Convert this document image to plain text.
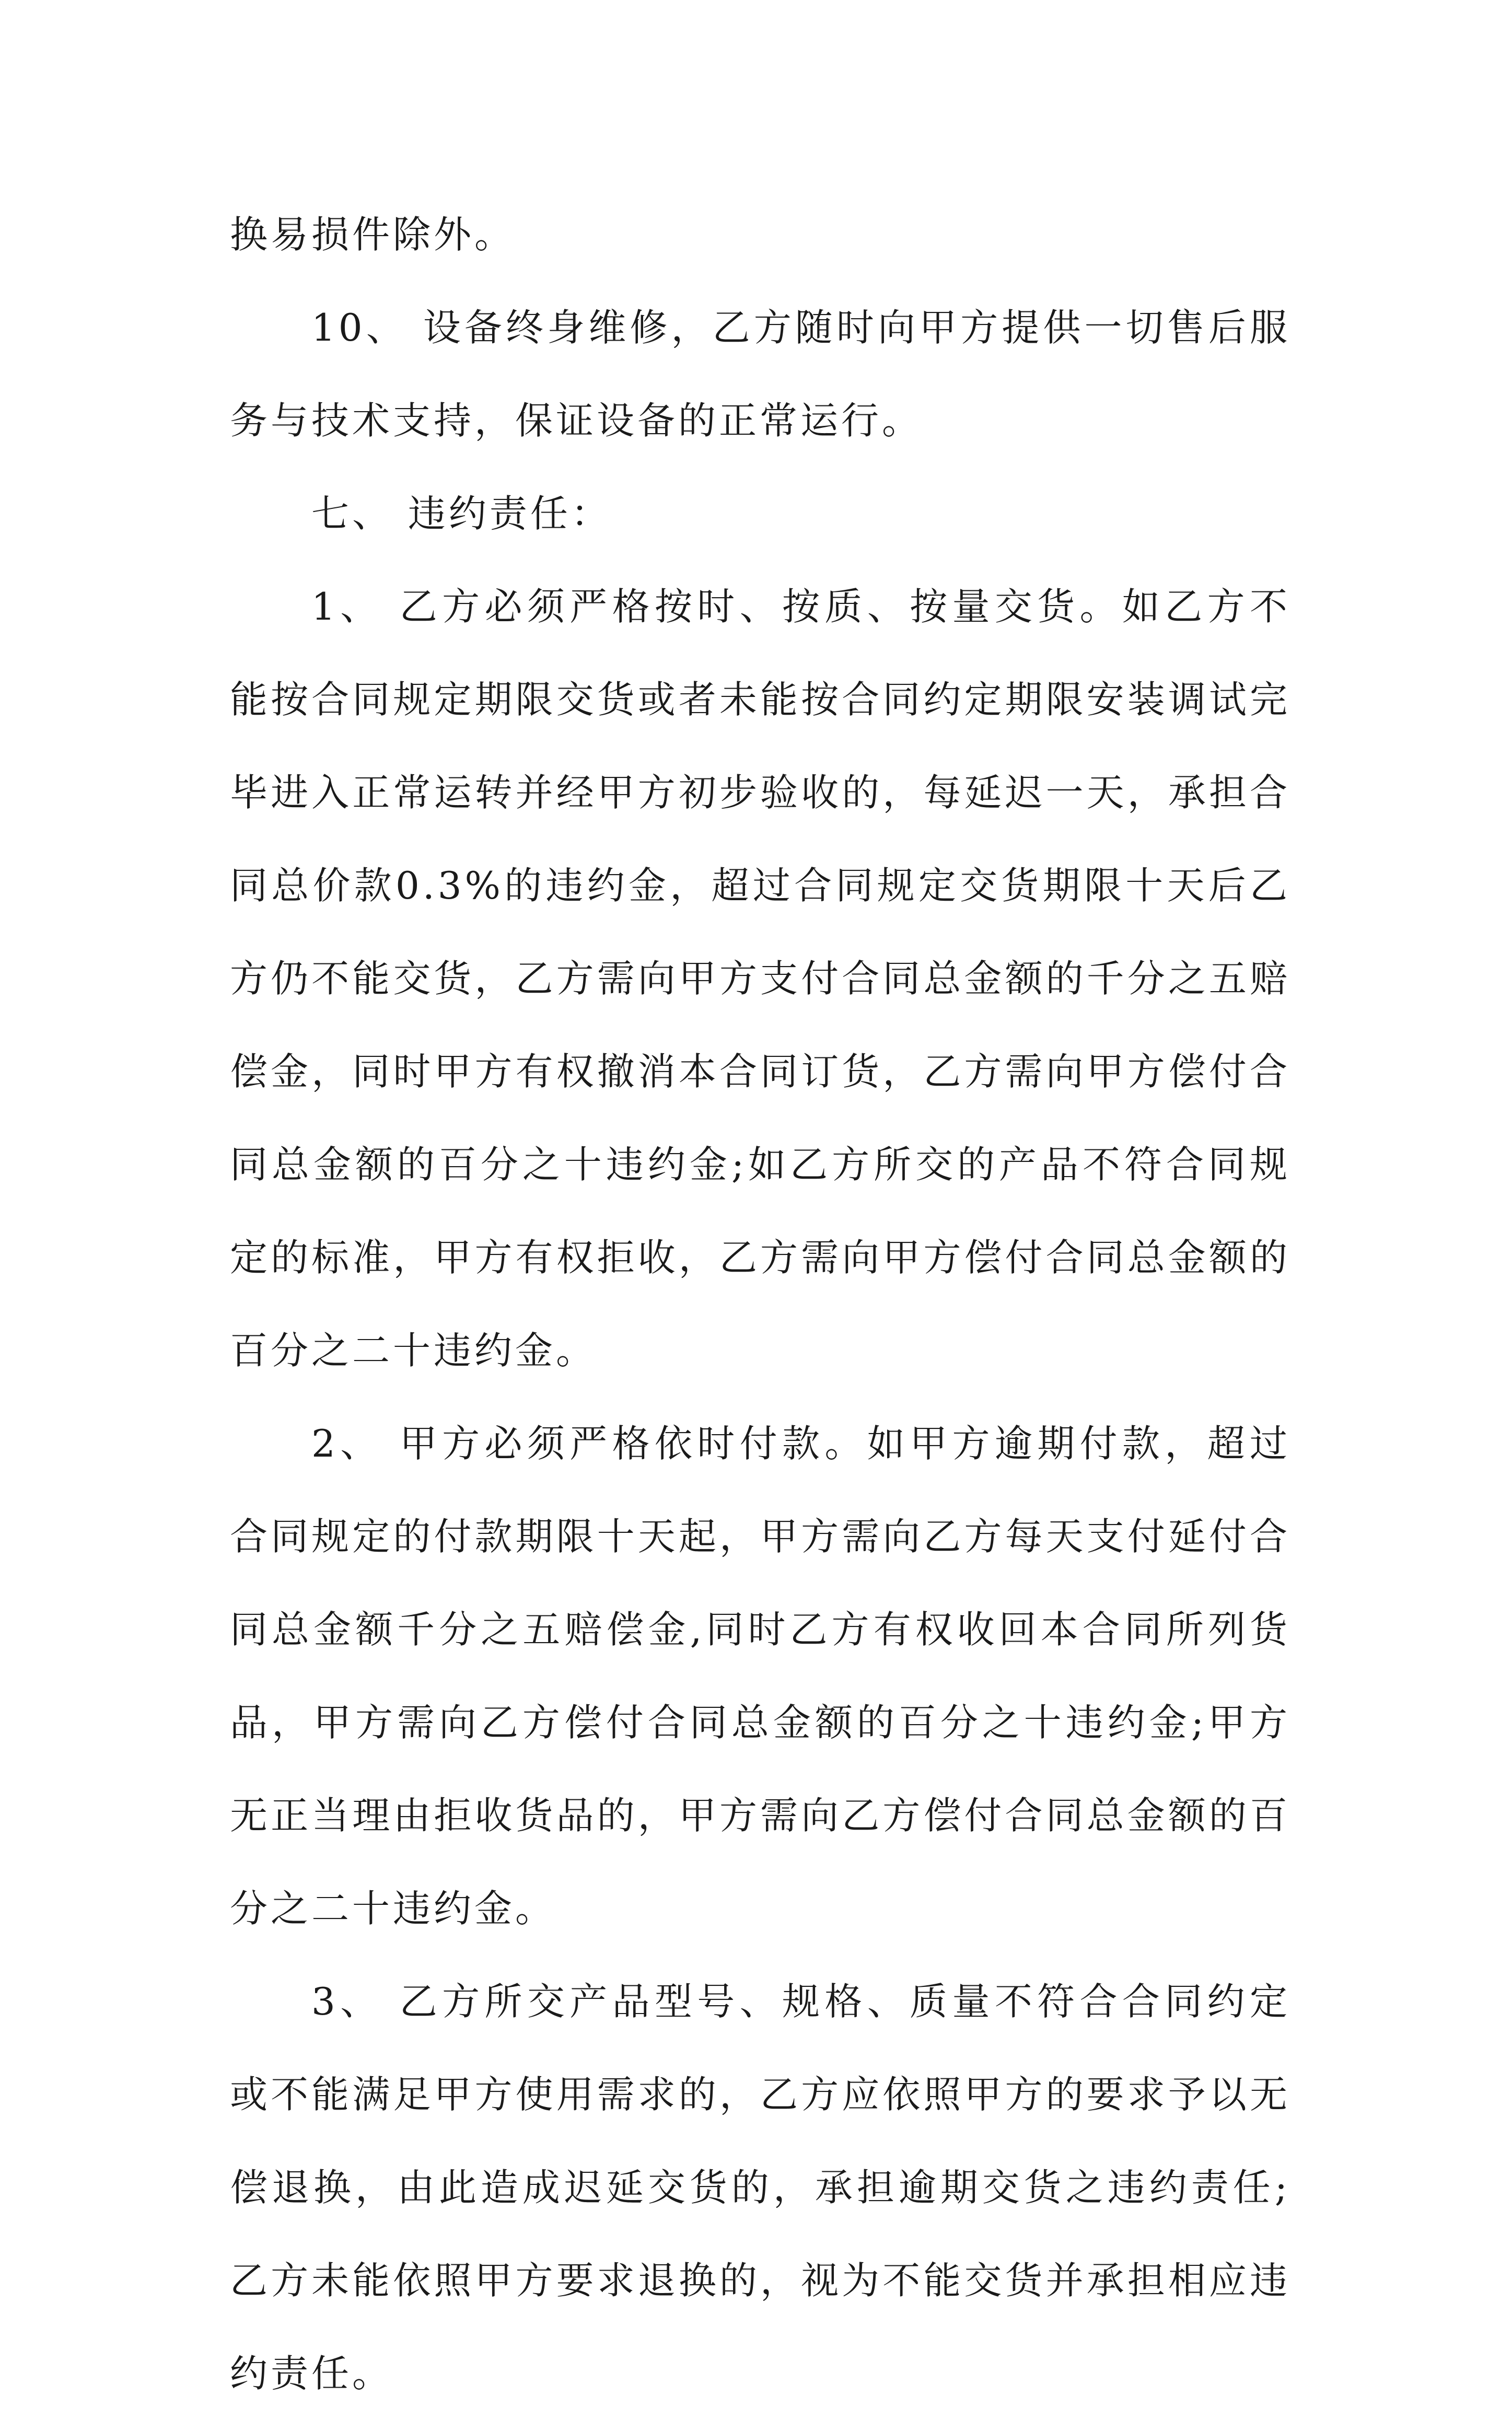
换易损件除外。

10、 设备终身维修，乙方随时向甲方提供一切售后服务与技术支持，保证设备的正常运行。

七、 违约责任：

1、 乙方必须严格按时、按质、按量交货。如乙方不能按合同规定期限交货或者未能按合同约定期限安装调试完毕进入正常运转并经甲方初步验收的，每延迟一天，承担合同总价款0.3%的违约金，超过合同规定交货期限十天后乙方仍不能交货，乙方需向甲方支付合同总金额的千分之五赔偿金，同时甲方有权撤消本合同订货，乙方需向甲方偿付合同总金额的百分之十违约金;如乙方所交的产品不符合同规定的标准，甲方有权拒收，乙方需向甲方偿付合同总金额的百分之二十违约金。

2、 甲方必须严格依时付款。如甲方逾期付款，超过合同规定的付款期限十天起，甲方需向乙方每天支付延付合同总金额千分之五赔偿金,同时乙方有权收回本合同所列货品，甲方需向乙方偿付合同总金额的百分之十违约金;甲方无正当理由拒收货品的，甲方需向乙方偿付合同总金额的百分之二十违约金。

3、 乙方所交产品型号、规格、质量不符合合同约定或不能满足甲方使用需求的，乙方应依照甲方的要求予以无偿退换，由此造成迟延交货的，承担逾期交货之违约责任;乙方未能依照甲方要求退换的，视为不能交货并承担相应违约责任。
